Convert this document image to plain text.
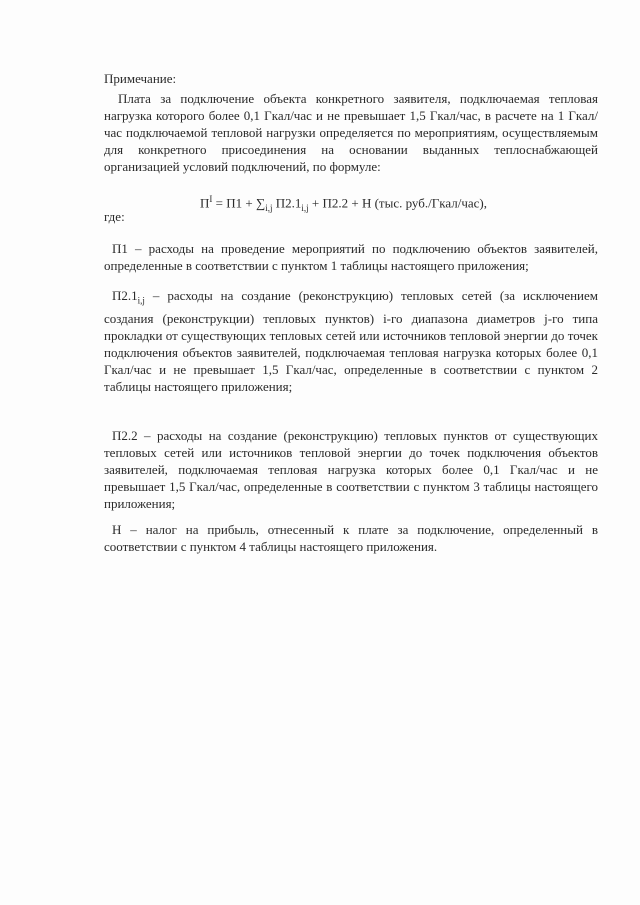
Примечание:

Плата за подключение объекта конкретного заявителя, подключаемая тепловая нагрузка которого более 0,1 Гкал/час и не превышает 1,5 Гкал/час, в расчете на 1 Гкал/час подключаемой тепловой нагрузки определяется по мероприятиям, осуществляемым для конкретного присоединения на основании выданных теплоснабжающей организацией условий подключений, по формуле:

$П^I = П1 + \sum_{i,j}$ $П2.1_{i,j} + П2.2 + Н$ (тыс. руб./Гкал/час),

где:

П1 – расходы на проведение мероприятий по подключению объектов заявителей, определенные в соответствии с пунктом 1 таблицы настоящего приложения;

$П2.1_{i,j}$ – расходы на создание (реконструкцию) тепловых сетей (за исключением создания (реконструкции) тепловых пунктов) i-го диапазона диаметров j-го типа прокладки от существующих тепловых сетей или источников тепловой энергии до точек подключения объектов заявителей, подключаемая тепловая нагрузка которых более 0,1 Гкал/час и не превышает 1,5 Гкал/час, определенные в соответствии с пунктом 2 таблицы настоящего приложения;

П2.2 – расходы на создание (реконструкцию) тепловых пунктов от существующих тепловых сетей или источников тепловой энергии до точек подключения объектов заявителей, подключаемая тепловая нагрузка которых более 0,1 Гкал/час и не превышает 1,5 Гкал/час, определенные в соответствии с пунктом 3 таблицы настоящего приложения;

Н – налог на прибыль, отнесенный к плате за подключение, определенный в соответствии с пунктом 4 таблицы настоящего приложения.
